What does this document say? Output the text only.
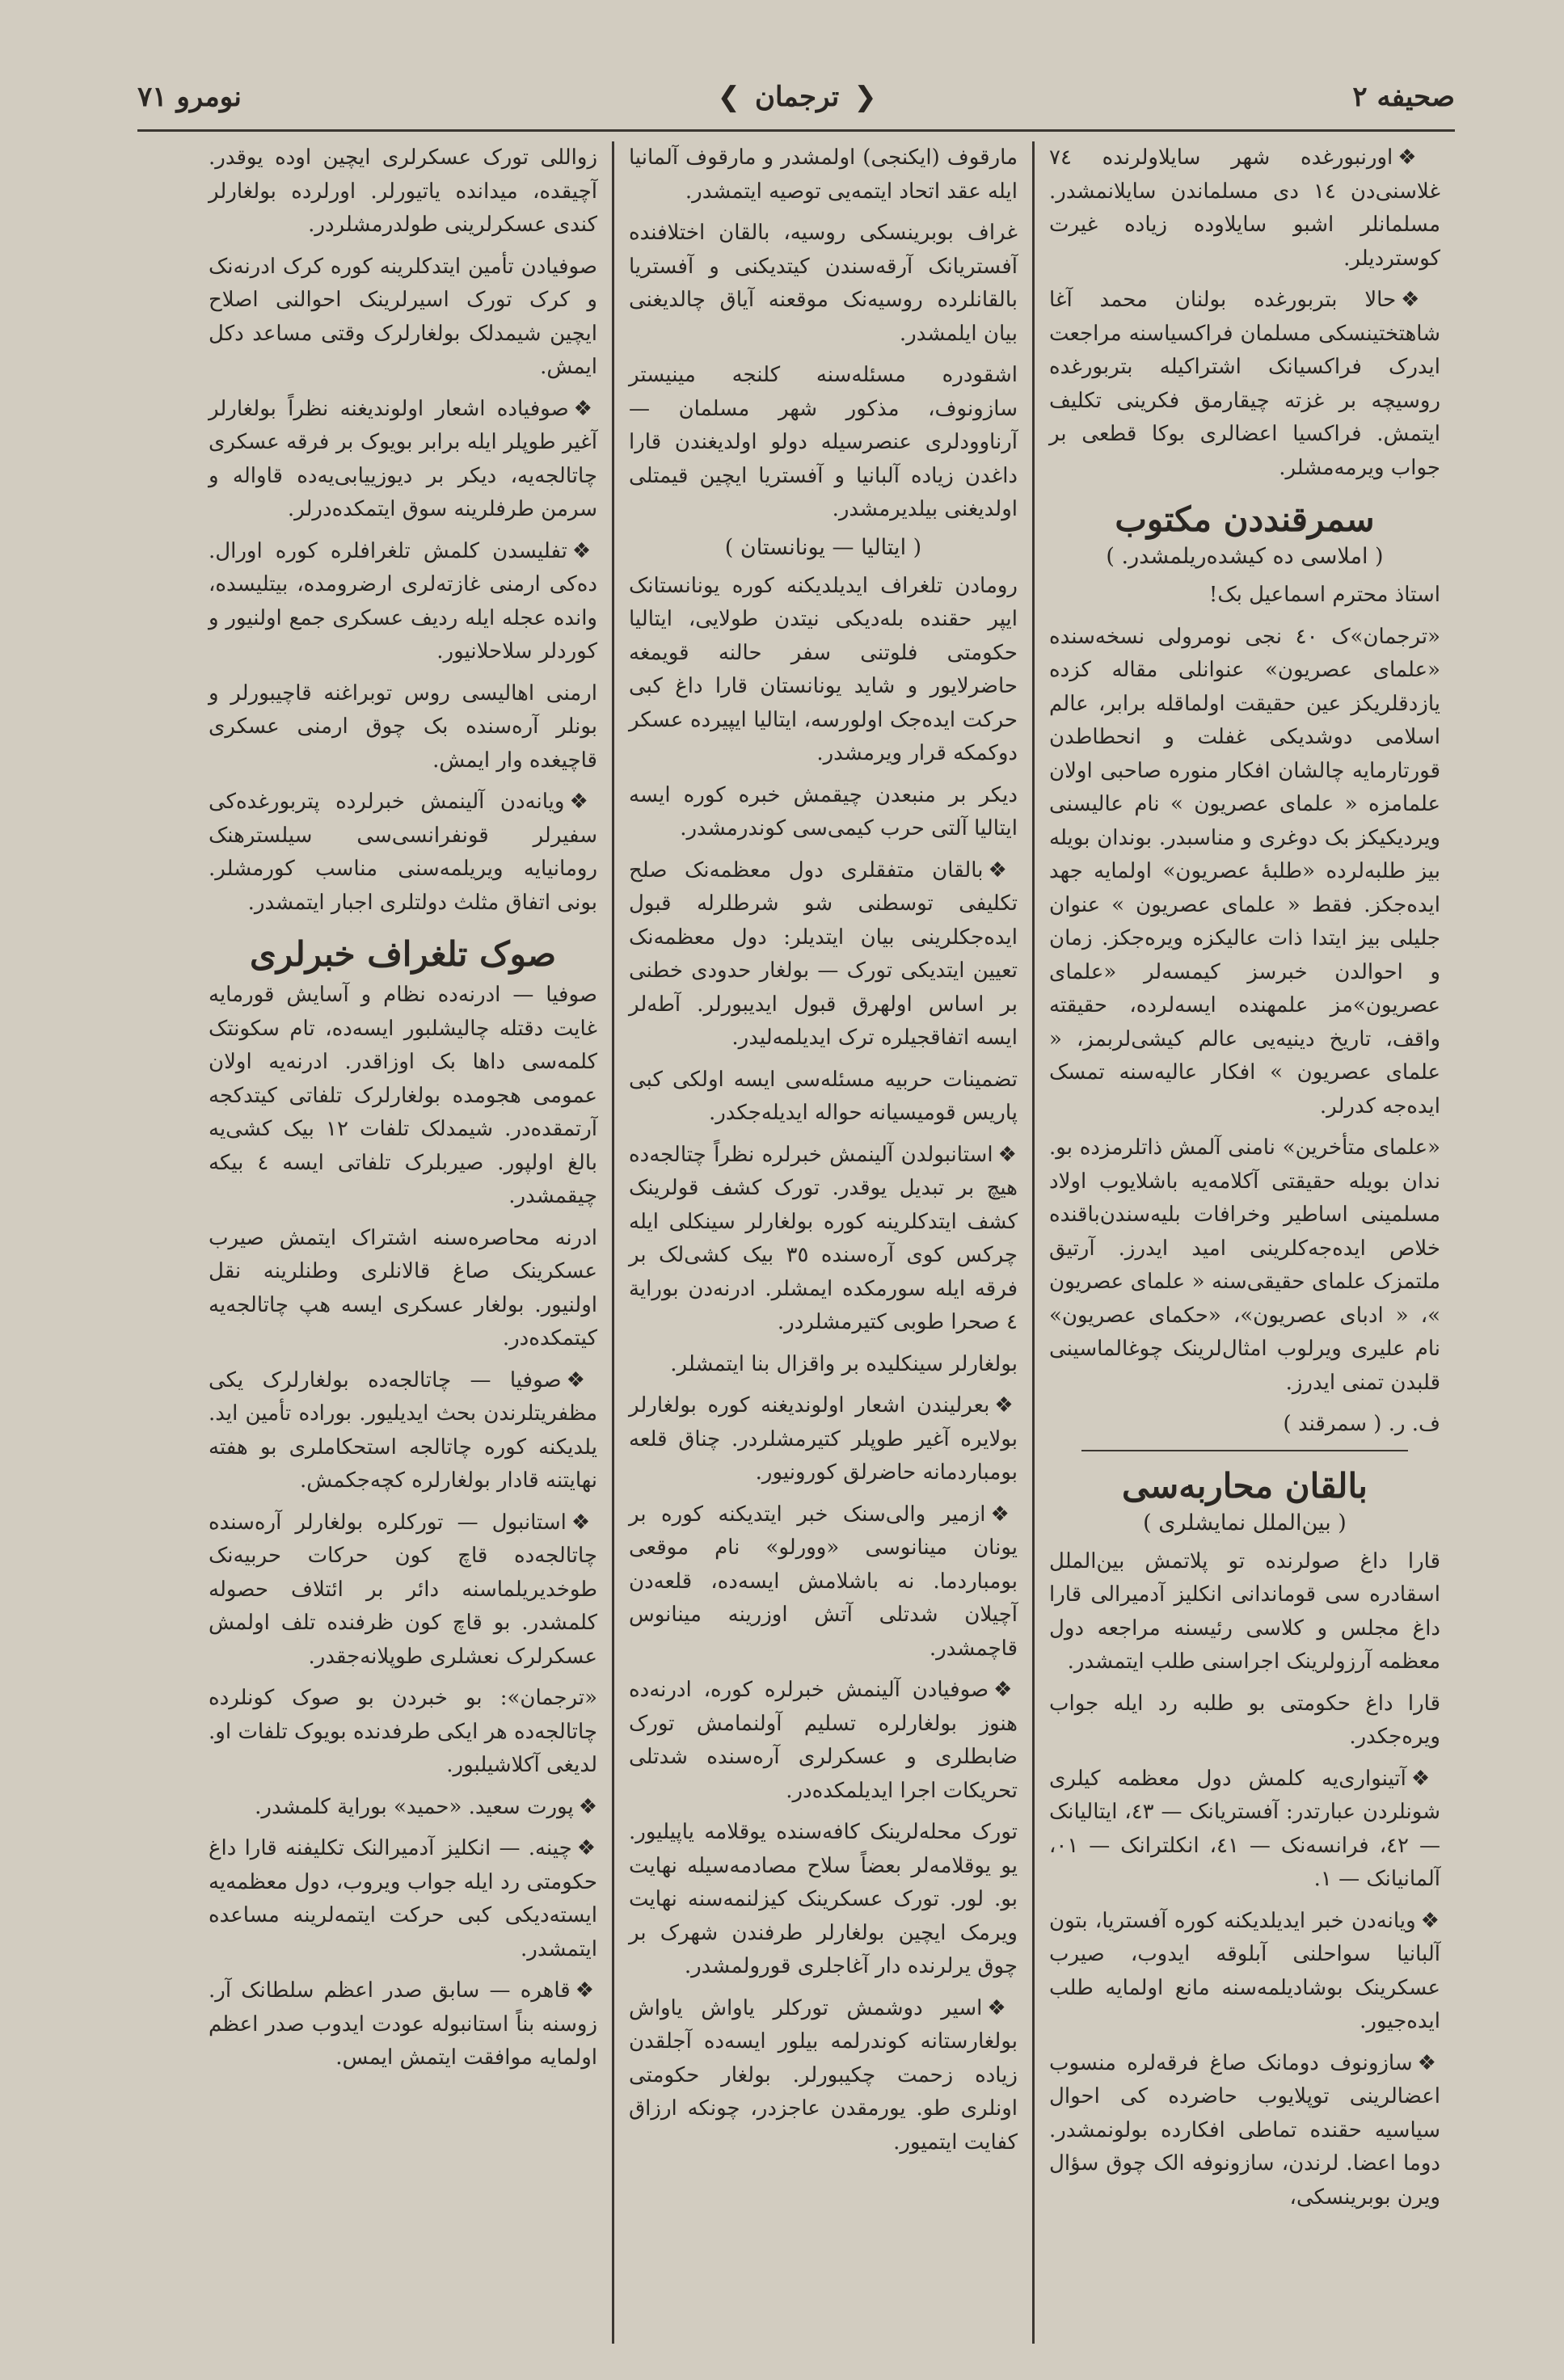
نومرو ٧١	❮ ترجمان ❯	صحيفه ٢

❖اورنبورغده شهر سايلاولرنده ٧٤ غلاسنی‌دن ١٤ دی مسلماندن سايلانمشدر. مسلمانلر اشبو سايلاوده زياده غيرت کوسترديلر.

❖حالا بتربورغده بولنان محمد آغا شاهتختينسکی مسلمان فراکسياسنه مراجعت ايدرک فراکسيانک اشتراکيله بتربورغده روسيچه بر غزته چيقارمق فکرينی تکليف ايتمش. فراکسيا اعضالری بوکا قطعی بر جواب ويرمه‌مشلر.

سمرقنددن مکتوب
( املاسی ده کيشده‌ريلمشدر. )

استاذ محترم اسماعيل بک!

«ترجمان»ک ٤٠ نجی نومرولی نسخه‌سنده «علمای عصريون» عنوانلی مقاله کزده يازدقلريکز عين حقيقت اولماقله برابر، عالم اسلامی دوشديکی غفلت و انحطاطدن قورتارمايه چالشان افکار منوره صاحبی اولان علمامزه « علمای عصريون » نام عالیسنی ويرديکيکز بک دوغری و مناسبدر. بوندان بويله بيز طلبه‌لرده «طلبهٔ عصريون» اولمايه جهد ايده‌جکز. فقط « علمای عصريون » عنوان جليلی بيز ايتدا ذات عاليکزه ويره‌جکز. زمان و احوالدن خبرسز کيمسه‌لر «علمای عصريون»مز علمهنده ايسه‌لرده، حقيقته واقف، تاريخ دينيه‌يی عالم کيشی‌لر‌بمز، « علمای عصريون » افکار عاليه‌سنه تمسک ايده‌جه کدرلر.

«علمای متأخرين» نامنی آلمش ذاتلرمزده بو. ندان بويله حقيقتی آکلامه‌يه باشلايوب اولاد مسلمينی اساطير وخرافات بلیه‌سندن‌باقنده خلاص ايده‌جه‌کلرينی اميد ايدرز. آرتيق ملتمزک علمای حقيقی‌سنه « علمای عصريون »، « ادبای عصريون»، «حکمای عصريون» نام عليری ويرلوب امثال‌لرينک چوغالماسينی قلبدن تمنی ايدرز.

ف. ر. ( سمرقند )

بالقان محاربه‌سی
( بين‌الملل نمايشلری )

قارا داغ صولرنده تو پلاتمش بين‌الملل اسقادره سی قوماندانی انکليز آدميرالی قارا داغ مجلس و کلاسی رئيسنه مراجعه دول معظمه آرزولرينک اجراسنی طلب ايتمشدر.

قارا داغ حکومتی بو طلبه رد ايله جواب ويره‌جکدر.

❖آتينواری‌يه کلمش دول معظمه کيلری شونلردن عبارتدر: آفستريانک — ٤٣، ايتاليانک — ٤٢، فرانسه‌نک — ٤١، انکلترانک — ٠١، آلمانيانک — ١.

❖ويانه‌دن خبر ايديلديکنه کوره آفستريا، بتون آلبانيا سواحلنی آبلوقه ايدوب، صيرب عسکرينک بوشاديلمه‌سنه مانع اولمايه طلب ايده‌جيور.

❖سازونوف دومانک صاغ فرقه‌لره منسوب اعضالرينی توپلايوب حاضرده کی احوال سياسيه حقنده تماطی افکارده بولونمشدر. دوما اعضا. لرندن، سازونوفه الک چوق سؤال ويرن بوبرينسکی،

مارقوف (ايکنجی) اولمشدر و مارقوف آلمانيا ايله عقد اتحاد ايتمه‌يی توصيه ايتمشدر.

غراف بوبرينسکی روسيه، بالقان اختلافنده آفستريانک آرقه‌سندن کيتديکنی و آفستريا بالقانلرده روسيه‌نک موقعنه آياق چالديغنی بيان ايلمشدر.

اشقودره مسئله‌سنه کلنجه مينيستر سازونوف، مذکور شهر مسلمان — آرناوودلری عنصرسيله دولو اولديغندن قارا داغدن زياده آلبانيا و آفستريا ايچين قيمتلی اولديغنی بيلديرمشدر.

( ايتاليا — يونانستان )

رومادن تلغراف ايديلديکنه کوره يونانستانک ايپر حقنده بله‌ديکی نيتدن طولايی، ايتاليا حکومتی فلوتنی سفر حالنه قويمغه حاضرلايور و شايد يونانستان قارا داغ کبی حرکت ايده‌جک اولورسه، ايتاليا ايپيرده عسکر دوکمکه قرار ويرمشدر.

ديکر بر منبعدن چيقمش خبره کوره ايسه ايتاليا آلتی حرب کيمی‌سی کوندرمشدر.

❖بالقان متفقلری دول معظمه‌نک صلح تکليفی توسطنی شو شرطلرله قبول ايده‌جکلرينی بيان ايتديلر: دول معظمه‌نک تعيين ايتديکی تورک — بولغار حدودی خطنی بر اساس اولهرق قبول ايديبورلر. آطه‌لر ايسه اتفاقجيلره ترک ايديلمه‌ليدر.

تضمينات حربيه مسئله‌سی ايسه اولکی کبی پاريس قوميسيانه حواله ايديله‌جکدر.

❖استانبولدن آلينمش خبرلره نظراً چتالجه‌ده هيچ بر تبديل يوقدر. تورک کشف قولرينک کشف ايتدکلرينه کوره بولغارلر سينکلی ايله چرکس کوی آره‌سنده ٣٥ بيک کشی‌لک بر فرقه ايله سورمکده ايمشلر. ادرنه‌دن بوراية ٤ صحرا طوبی کتيرمشلردر.

بولغارلر سينکليده بر واقزال بنا ايتمشلر.

❖بعرليندن اشعار اولونديغنه کوره بولغارلر بولايره آغير طوپلر کتيرمشلردر. چناق قلعه بومباردمانه حاضرلق کورونيور.

❖ازمير والی‌سنک خبر ايتديکنه کوره بر يونان مينانوسی «وورلو» نام موقعی بومباردما. نه باشلامش ايسه‌ده، قلعه‌دن آچيلان شدتلی آتش اوزرينه مينانوس قاچمشدر.

❖صوفيادن آلينمش خبرلره کوره، ادرنه‌ده هنوز بولغارلره تسليم آولنمامش تورک ضابطلری و عسکرلری آره‌سنده شدتلی تحريکات اجرا ايديلمکده‌در.

تورک محله‌لرينک کافه‌سنده يوقلامه ياپيليور. يو يوقلامه‌لر بعضاً سلاح مصادمه‌سيله نهايت بو. لور. تورک عسکرينک کيزلنمه‌سنه نهايت ويرمک ايچين بولغارلر طرفندن شهرک بر چوق يرلرنده دار آغاجلری قورولمشدر.

❖اسير دوشمش تورکلر ياواش ياواش بولغارستانه کوندرلمه بيلور ايسه‌ده آجلقدن زياده زحمت چکيبورلر. بولغار حکومتی اونلری طو. يورمقدن عاجزدر، چونکه ارزاق کفايت ايتميور.

زواللی تورک عسکرلری ايچين اوده يوقدر. آچيقده، ميدانده ياتيورلر. اورلرده بولغارلر کندی عسکرلرينی طولدرمشلردر.

صوفيادن تأمين ايتدکلرينه کوره کرک ادرنه‌نک و کرک تورک اسيرلرينک احوالنی اصلاح ايچين شيمدلک بولغارلرک وقتی مساعد دکل ايمش.

❖صوفياده اشعار اولونديغنه نظراً بولغارلر آغير طوپلر ايله برابر بويوک بر فرقه عسکری چاتالجه‌يه، ديکر بر ديوزييابی‌يه‌ده قاواله و سرمن طرفلرينه سوق ايتمکده‌درلر.

❖تفليسدن کلمش تلغرافلره کوره اورال. ده‌کی ارمنی غازته‌لری ارضرومده، بيتليسده، وانده عجله ايله رديف عسکری جمع اولنيور و کوردلر سلاحلانيور.

ارمنی اهاليسی روس توبراغنه قاچيبورلر و بونلر آره‌سنده بک چوق ارمنی عسکری قاچيغده وار ايمش.

❖ويانه‌دن آلينمش خبرلرده پتربورغده‌کی سفيرلر قونفرانسی‌سی سيلسترهنک رومانيايه ويريلمه‌سنی مناسب کورمشلر. بونی اتفاق مثلث دولتلری اجبار ايتمشدر.

صوک تلغراف خبرلری

صوفيا — ادرنه‌ده نظام و آسايش قورمايه غايت دقتله چاليشلبور ايسه‌ده، تام سکونتک کلمه‌سی داها بک اوزاقدر. ادرنه‌يه اولان عمومی هجومده بولغارلرک تلفاتی کيتدکجه آرتمقده‌در. شيمدلک تلفات ١٢ بيک کشی‌يه بالغ اولپور. صيربلرک تلفاتی ايسه ٤ بيکه چيقمشدر.

ادرنه محاصره‌سنه اشتراک ايتمش صيرب عسکرينک صاغ قالانلری وطنلرينه نقل اولنيور. بولغار عسکری ايسه هپ چاتالجه‌يه کيتمکده‌در.

❖صوفيا — چاتالجه‌ده بولغارلرک يکی مظفريتلرندن بحث ايديليور. بوراده تأمين ايد. يلديکنه کوره چاتالجه استحکاملری بو هفته نهايتنه قادار بولغارلره کچه‌جکمش.

❖استانبول — تورکلره بولغارلر آره‌سنده چاتالجه‌ده قاچ کون حرکات حربيه‌نک طوخديريلماسنه دائر بر ائتلاف حصوله کلمشدر. بو قاچ کون ظرفنده تلف اولمش عسکرلرک نعشلری طوپلانه‌جقدر.

«ترجمان»: بو خبردن بو صوک کونلرده چاتالجه‌ده هر ايکی طرفدنده بويوک تلفات او. لديغی آکلاشيلبور.

❖پورت سعيد. «حميد» بوراية کلمشدر.

❖چينه. — انکليز آدميرالنک تکليفنه قارا داغ حکومتی رد ايله جواب ويروب، دول معظمه‌يه ايسته‌ديکی کبی حرکت ايتمه‌لرينه مساعده ايتمشدر.

❖قاهره — سابق صدر اعظم سلطانک آر. زوسنه بناً استانبوله عودت ايدوب صدر اعظم اولمايه موافقت ايتمش ايمس.
